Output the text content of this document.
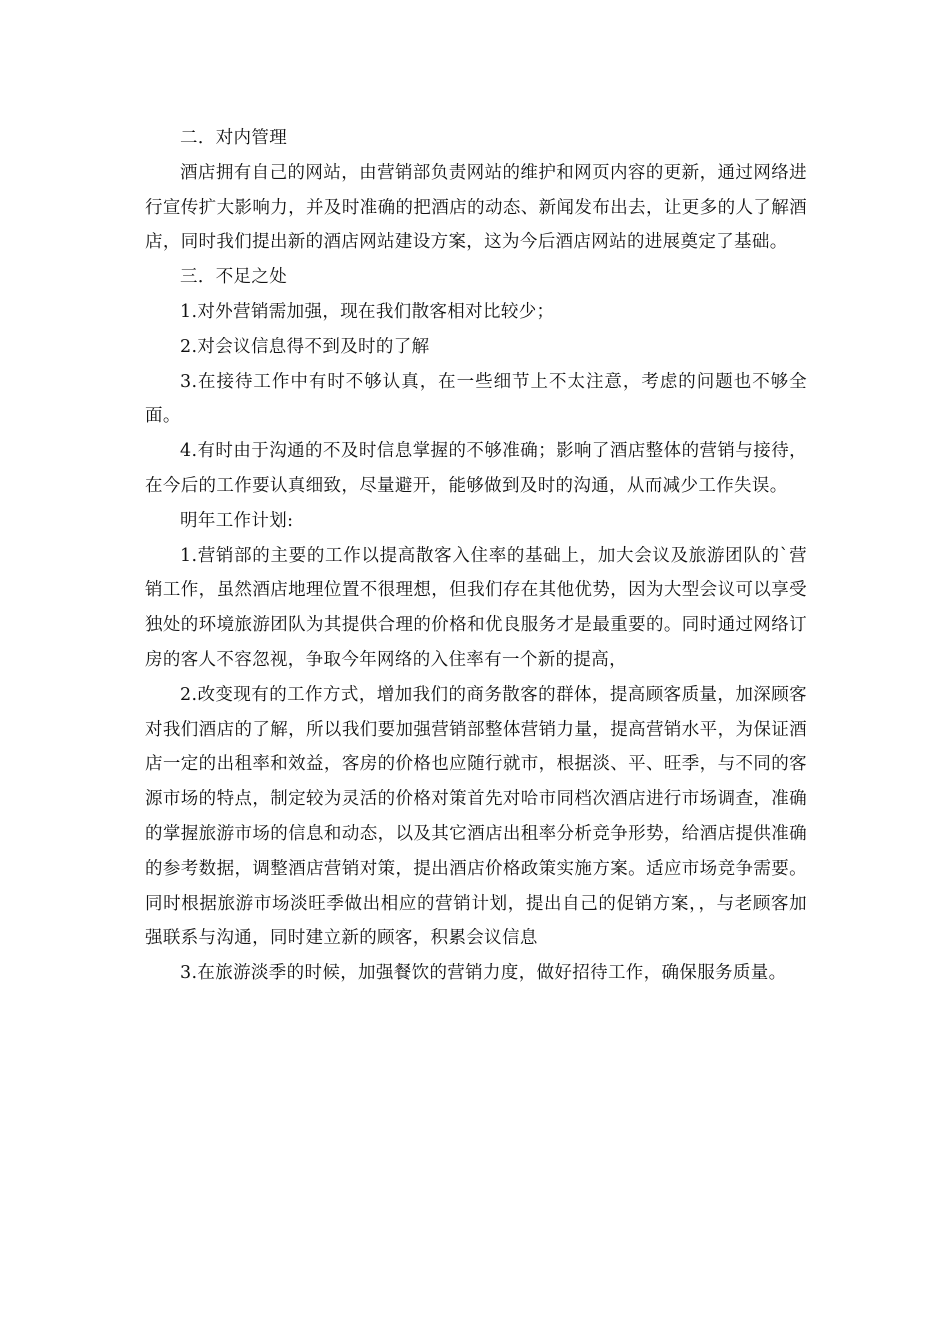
二．对内管理

酒店拥有自己的网站，由营销部负责网站的维护和网页内容的更新，通过网络进行宣传扩大影响力，并及时准确的把酒店的动态、新闻发布出去，让更多的人了解酒店，同时我们提出新的酒店网站建设方案，这为今后酒店网站的进展奠定了基础。

三．不足之处

1.对外营销需加强，现在我们散客相对比较少；

2.对会议信息得不到及时的了解

3.在接待工作中有时不够认真，在一些细节上不太注意，考虑的问题也不够全面。

4.有时由于沟通的不及时信息掌握的不够准确；影响了酒店整体的营销与接待，在今后的工作要认真细致，尽量避开，能够做到及时的沟通，从而减少工作失误。

明年工作计划:

1.营销部的主要的工作以提高散客入住率的基础上，加大会议及旅游团队的`营销工作，虽然酒店地理位置不很理想，但我们存在其他优势，因为大型会议可以享受独处的环境旅游团队为其提供合理的价格和优良服务才是最重要的。同时通过网络订房的客人不容忽视，争取今年网络的入住率有一个新的提高，

2.改变现有的工作方式，增加我们的商务散客的群体，提高顾客质量，加深顾客对我们酒店的了解，所以我们要加强营销部整体营销力量，提高营销水平，为保证酒店一定的出租率和效益，客房的价格也应随行就市，根据淡、平、旺季，与不同的客源市场的特点，制定较为灵活的价格对策首先对哈市同档次酒店进行市场调查，准确的掌握旅游市场的信息和动态，以及其它酒店出租率分析竞争形势，给酒店提供准确的参考数据，调整酒店营销对策，提出酒店价格政策实施方案。适应市场竞争需要。同时根据旅游市场淡旺季做出相应的营销计划，提出自己的促销方案，，与老顾客加强联系与沟通，同时建立新的顾客，积累会议信息

3.在旅游淡季的时候，加强餐饮的营销力度，做好招待工作，确保服务质量。
